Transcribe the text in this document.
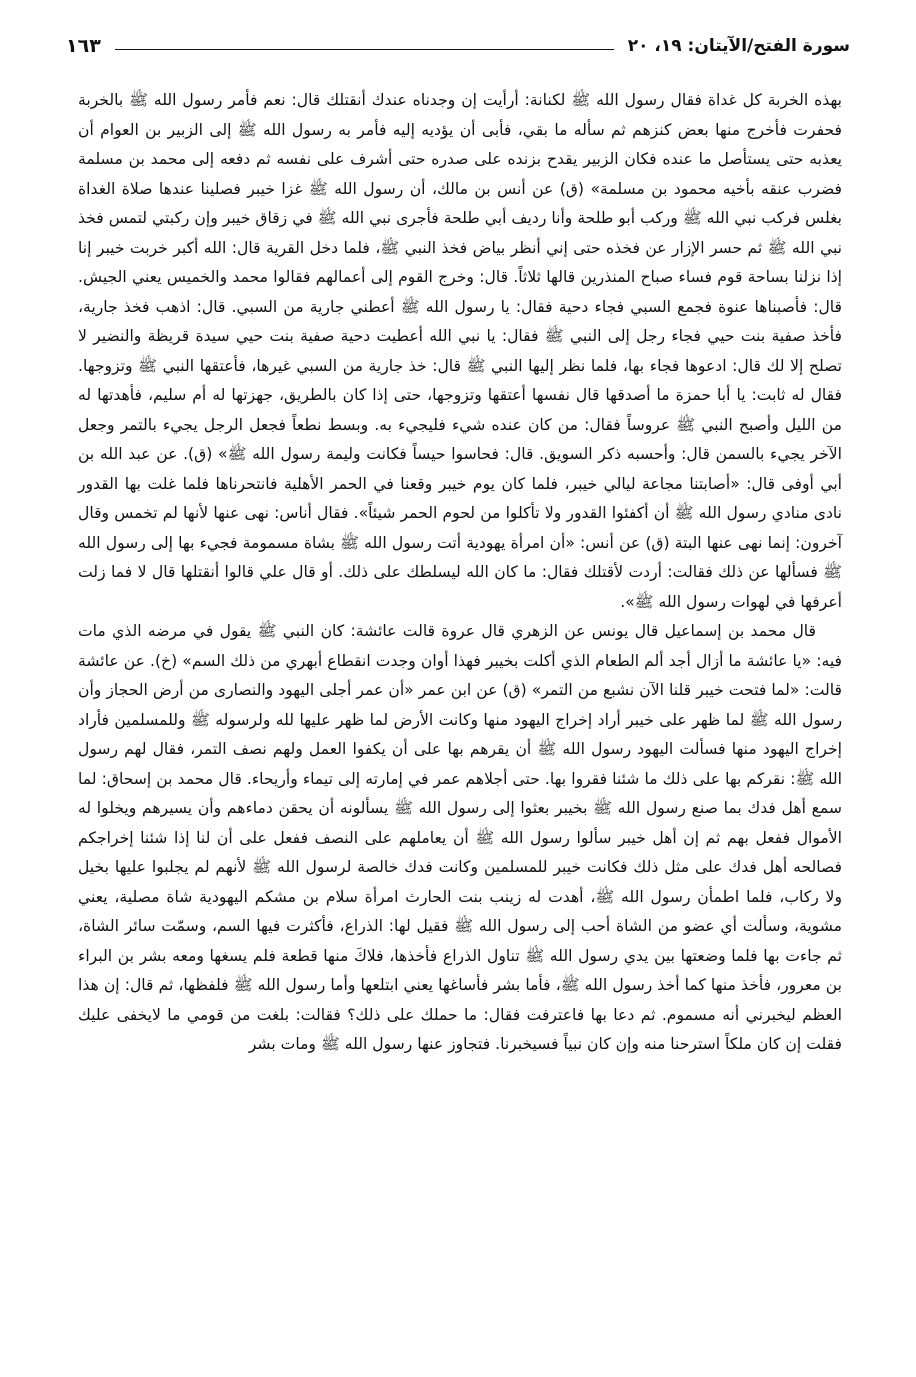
سورة الفتح/الآيتان: ١٩، ٢٠
١٦٣

بهذه الخربة كل غداة فقال رسول الله ﷺ لكنانة: أرأيت إن وجدناه عندك أنقتلك قال: نعم فأمر رسول الله ﷺ بالخربة فحفرت فأخرج منها بعض كنزهم ثم سأله ما بقي، فأبى أن يؤديه إليه فأمر به رسول الله ﷺ إلى الزبير بن العوام أن يعذبه حتى يستأصل ما عنده فكان الزبير يقدح بزنده على صدره حتى أشرف على نفسه ثم دفعه إلى محمد بن مسلمة فضرب عنقه بأخيه محمود بن مسلمة» (ق) عن أنس بن مالك، أن رسول الله ﷺ غزا خيبر فصلينا عندها صلاة الغداة بغلس فركب نبي الله ﷺ وركب أبو طلحة وأنا رديف أبي طلحة فأجرى نبي الله ﷺ في زقاق خيبر وإن ركبتي لتمس فخذ نبي الله ﷺ ثم حسر الإزار عن فخذه حتى إني أنظر بياض فخذ النبي ﷺ، فلما دخل القرية قال: الله أكبر خربت خيبر إنا إذا نزلنا بساحة قوم فساء صباح المنذرين قالها ثلاثاً. قال: وخرج القوم إلى أعمالهم فقالوا محمد والخميس يعني الجيش. قال: فأصبناها عنوة فجمع السبي فجاء دحية فقال: يا رسول الله ﷺ أعطني جارية من السبي. قال: اذهب فخذ جارية، فأخذ صفية بنت حيي فجاء رجل إلى النبي ﷺ فقال: يا نبي الله أعطيت دحية صفية بنت حيي سيدة قريظة والنضير لا تصلح إلا لك قال: ادعوها فجاء بها، فلما نظر إليها النبي ﷺ قال: خذ جارية من السبي غيرها، فأعتقها النبي ﷺ وتزوجها. فقال له ثابت: يا أبا حمزة ما أصدقها قال نفسها أعتقها وتزوجها، حتى إذا كان بالطريق، جهزتها له أم سليم، فأهدتها له من الليل وأصبح النبي ﷺ عروساً فقال: من كان عنده شيء فليجيء به. وبسط نطعاً فجعل الرجل يجيء بالتمر وجعل الآخر يجيء بالسمن قال: وأحسبه ذكر السويق. قال: فحاسوا حيساً فكانت وليمة رسول الله ﷺ» (ق). عن عبد الله بن أبي أوفى قال: «أصابتنا مجاعة ليالي خيبر، فلما كان يوم خيبر وقعنا في الحمر الأهلية فانتحرناها فلما غلت بها القدور نادى منادي رسول الله ﷺ أن أكفئوا القدور ولا تأكلوا من لحوم الحمر شيئاً». فقال أناس: نهى عنها لأنها لم تخمس وقال آخرون: إنما نهى عنها البتة (ق) عن أنس: «أن امرأة يهودية أتت رسول الله ﷺ بشاة مسمومة فجيء بها إلى رسول الله ﷺ فسألها عن ذلك فقالت: أردت لأقتلك فقال: ما كان الله ليسلطك على ذلك. أو قال علي قالوا أنقتلها قال لا فما زلت أعرفها في لهوات رسول الله ﷺ».

قال محمد بن إسماعيل قال يونس عن الزهري قال عروة قالت عائشة: كان النبي ﷺ يقول في مرضه الذي مات فيه: «يا عائشة ما أزال أجد ألم الطعام الذي أكلت بخيبر فهذا أوان وجدت انقطاع أبهري من ذلك السم» (خ). عن عائشة قالت: «لما فتحت خيبر قلنا الآن نشبع من التمر» (ق) عن ابن عمر «أن عمر أجلى اليهود والنصارى من أرض الحجاز وأن رسول الله ﷺ لما ظهر على خيبر أراد إخراج اليهود منها وكانت الأرض لما ظهر عليها لله ولرسوله ﷺ وللمسلمين فأراد إخراج اليهود منها فسألت اليهود رسول الله ﷺ أن يقرهم بها على أن يكفوا العمل ولهم نصف التمر، فقال لهم رسول الله ﷺ: نقركم بها على ذلك ما شئنا فقروا بها. حتى أجلاهم عمر في إمارته إلى تيماء وأريحاء. قال محمد بن إسحاق: لما سمع أهل فدك بما صنع رسول الله ﷺ بخيبر بعثوا إلى رسول الله ﷺ يسألونه أن يحقن دماءهم وأن يسيرهم ويخلوا له الأموال ففعل بهم ثم إن أهل خيبر سألوا رسول الله ﷺ أن يعاملهم على النصف ففعل على أن لنا إذا شئنا إخراجكم فصالحه أهل فدك على مثل ذلك فكانت خيبر للمسلمين وكانت فدك خالصة لرسول الله ﷺ لأنهم لم يجلبوا عليها بخيل ولا ركاب، فلما اطمأن رسول الله ﷺ، أهدت له زينب بنت الحارث امرأة سلام بن مشكم اليهودية شاة مصلية، يعني مشوية، وسألت أي عضو من الشاة أحب إلى رسول الله ﷺ فقيل لها: الذراع، فأكثرت فيها السم، وسمّت سائر الشاة، ثم جاءت بها فلما وضعتها بين يدي رسول الله ﷺ تناول الذراع فأخذها، فلاكَ منها قطعة فلم يسغها ومعه بشر بن البراء بن معرور، فأخذ منها كما أخذ رسول الله ﷺ، فأما بشر فأساغها يعني ابتلعها وأما رسول الله ﷺ فلفظها، ثم قال: إن هذا العظم ليخبرني أنه مسموم. ثم دعا بها فاعترفت فقال: ما حملك على ذلك؟ فقالت: بلغت من قومي ما لايخفى عليك فقلت إن كان ملكاً استرحنا منه وإن كان نبياً فسيخبرنا. فتجاوز عنها رسول الله ﷺ ومات بشر
